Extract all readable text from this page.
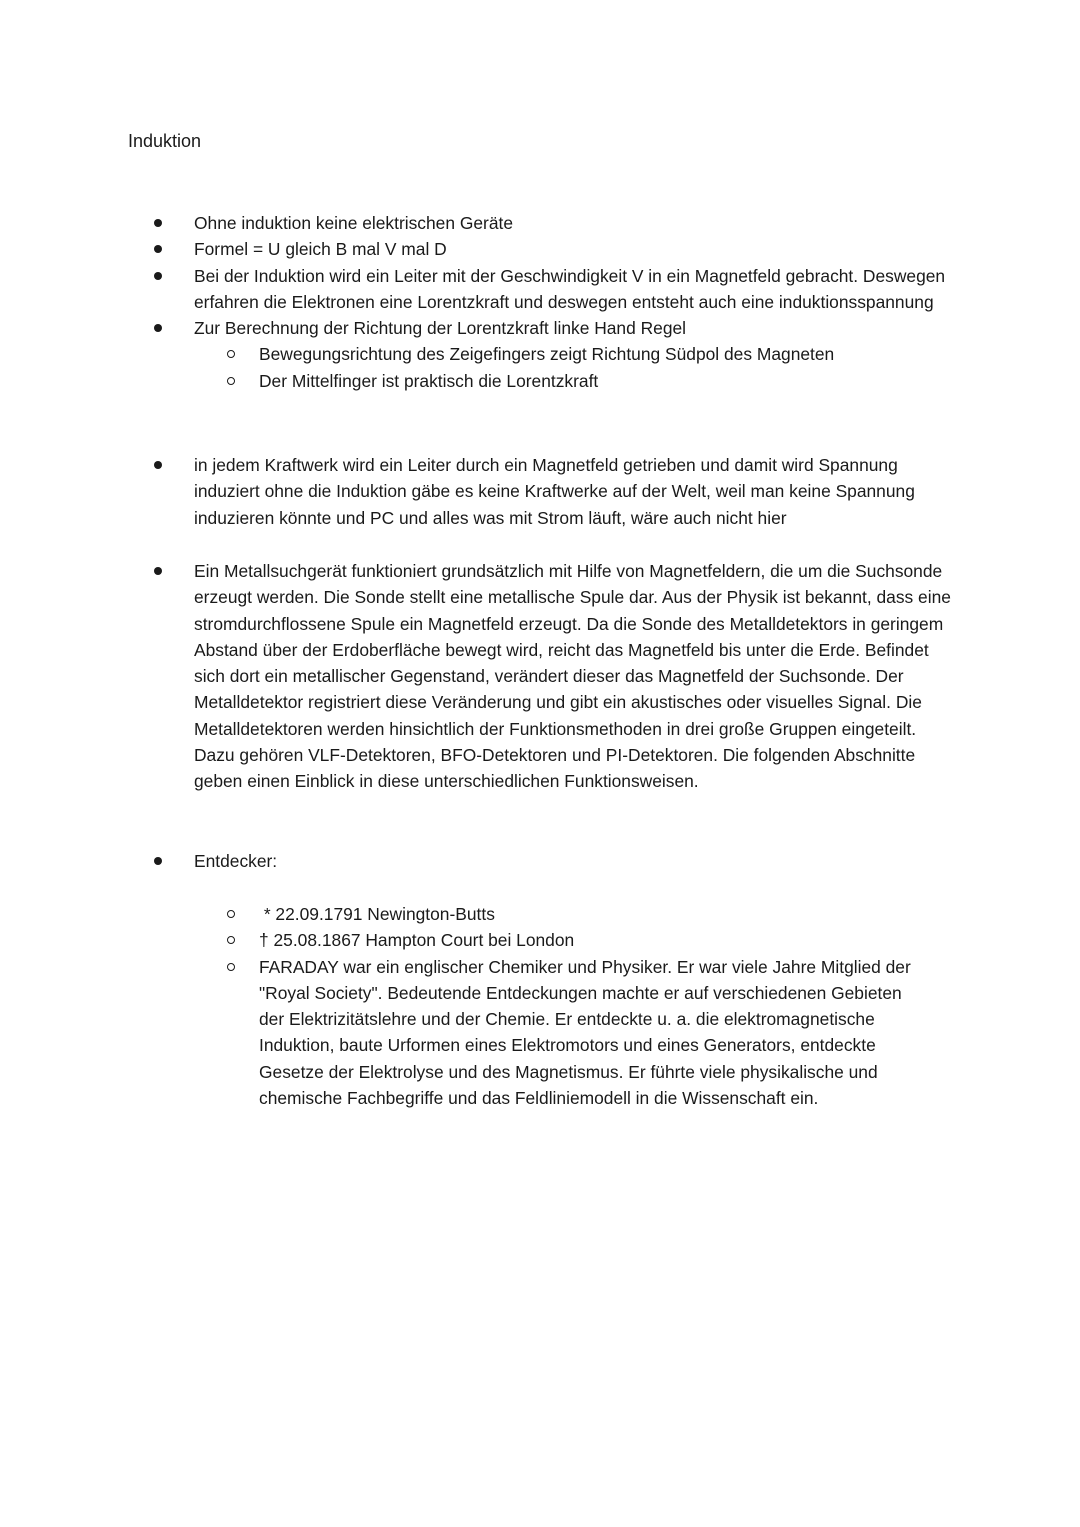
Induktion
Ohne induktion keine elektrischen Geräte
Formel = U gleich B mal V mal D
Bei der Induktion wird ein Leiter mit der Geschwindigkeit V in ein Magnetfeld gebracht. Deswegen erfahren die Elektronen eine Lorentzkraft und deswegen entsteht auch eine induktionsspannung
Zur Berechnung der Richtung der Lorentzkraft linke Hand Regel
Bewegungsrichtung des Zeigefingers zeigt Richtung Südpol des Magneten
Der Mittelfinger ist praktisch die Lorentzkraft
in jedem Kraftwerk wird ein Leiter durch ein Magnetfeld getrieben und damit wird Spannung induziert ohne die Induktion gäbe es keine Kraftwerke auf der Welt, weil man keine Spannung induzieren könnte und PC und alles was mit Strom läuft, wäre auch nicht hier
Ein Metallsuchgerät funktioniert grundsätzlich mit Hilfe von Magnetfeldern, die um die Suchsonde erzeugt werden. Die Sonde stellt eine metallische Spule dar. Aus der Physik ist bekannt, dass eine stromdurchflossene Spule ein Magnetfeld erzeugt. Da die Sonde des Metalldetektors in geringem Abstand über der Erdoberfläche bewegt wird, reicht das Magnetfeld bis unter die Erde. Befindet sich dort ein metallischer Gegenstand, verändert dieser das Magnetfeld der Suchsonde. Der Metalldetektor registriert diese Veränderung und gibt ein akustisches oder visuelles Signal. Die Metalldetektoren werden hinsichtlich der Funktionsmethoden in drei große Gruppen eingeteilt. Dazu gehören VLF-Detektoren, BFO-Detektoren und PI-Detektoren. Die folgenden Abschnitte geben einen Einblick in diese unterschiedlichen Funktionsweisen.
Entdecker:
* 22.09.1791 Newington-Butts
† 25.08.1867 Hampton Court bei London
FARADAY war ein englischer Chemiker und Physiker. Er war viele Jahre Mitglied der "Royal Society". Bedeutende Entdeckungen machte er auf verschiedenen Gebieten der Elektrizitätslehre und der Chemie. Er entdeckte u. a. die elektromagnetische Induktion, baute Urformen eines Elektromotors und eines Generators, entdeckte Gesetze der Elektrolyse und des Magnetismus. Er führte viele physikalische und chemische Fachbegriffe und das Feldliniemodell in die Wissenschaft ein.
